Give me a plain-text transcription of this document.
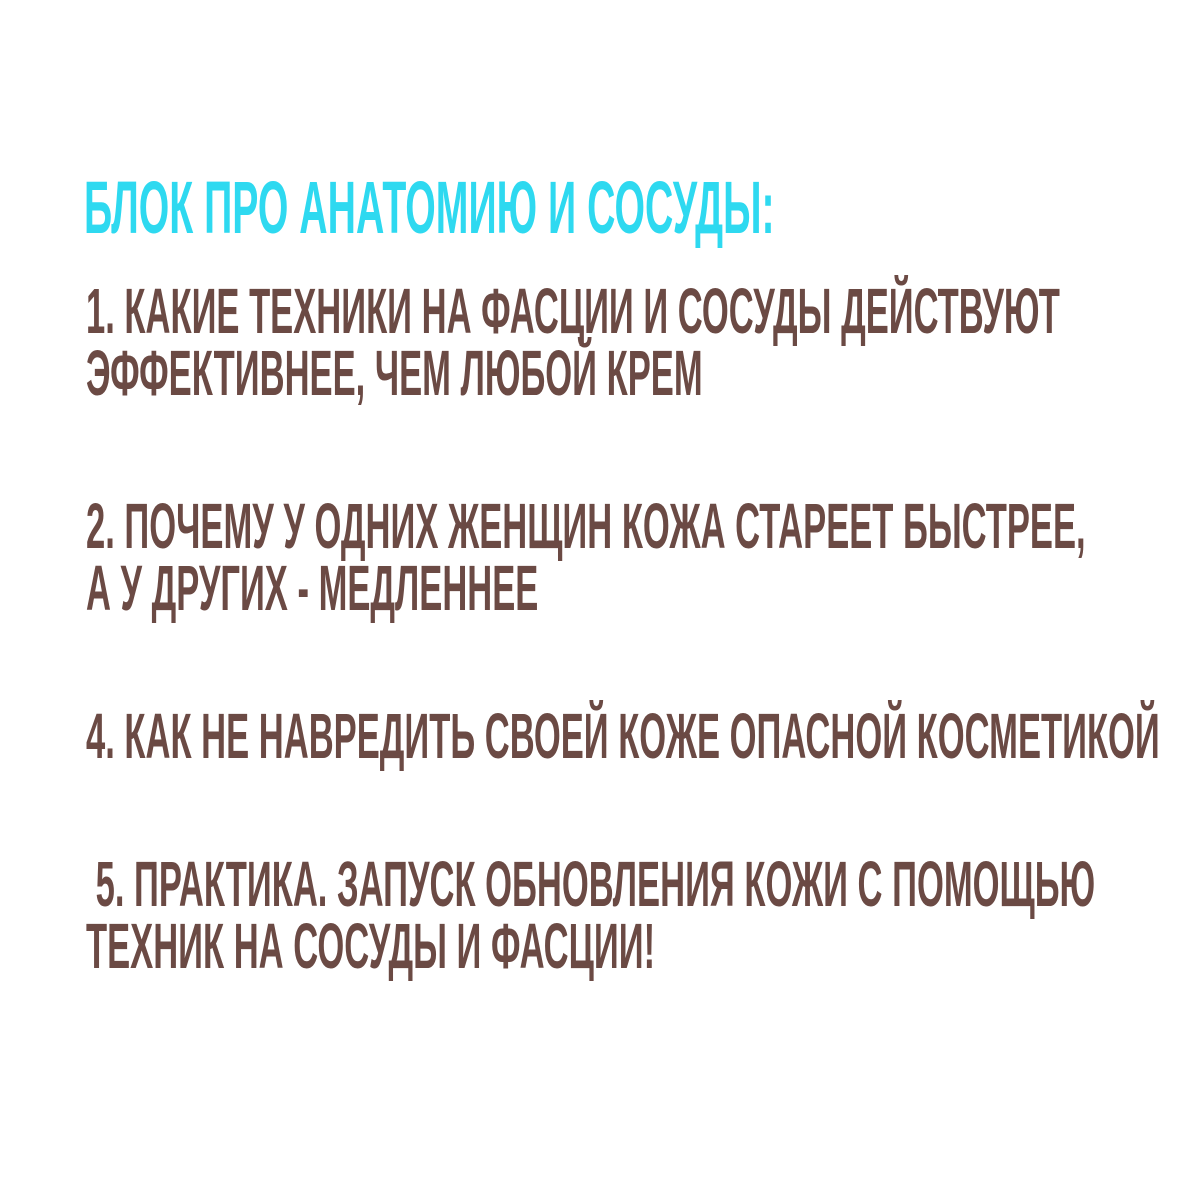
БЛОК ПРО АНАТОМИЮ И СОСУДЫ:
1. КАКИЕ ТЕХНИКИ НА ФАСЦИИ И СОСУДЫ ДЕЙСТВУЮТ
ЭФФЕКТИВНЕЕ, ЧЕМ ЛЮБОЙ КРЕМ
2. ПОЧЕМУ У ОДНИХ ЖЕНЩИН КОЖА СТАРЕЕТ БЫСТРЕЕ,
А У ДРУГИХ - МЕДЛЕННЕЕ
4. КАК НЕ НАВРЕДИТЬ СВОЕЙ КОЖЕ ОПАСНОЙ КОСМЕТИКОЙ
5. ПРАКТИКА. ЗАПУСК ОБНОВЛЕНИЯ КОЖИ С ПОМОЩЬЮ
ТЕХНИК НА СОСУДЫ И ФАСЦИИ!
